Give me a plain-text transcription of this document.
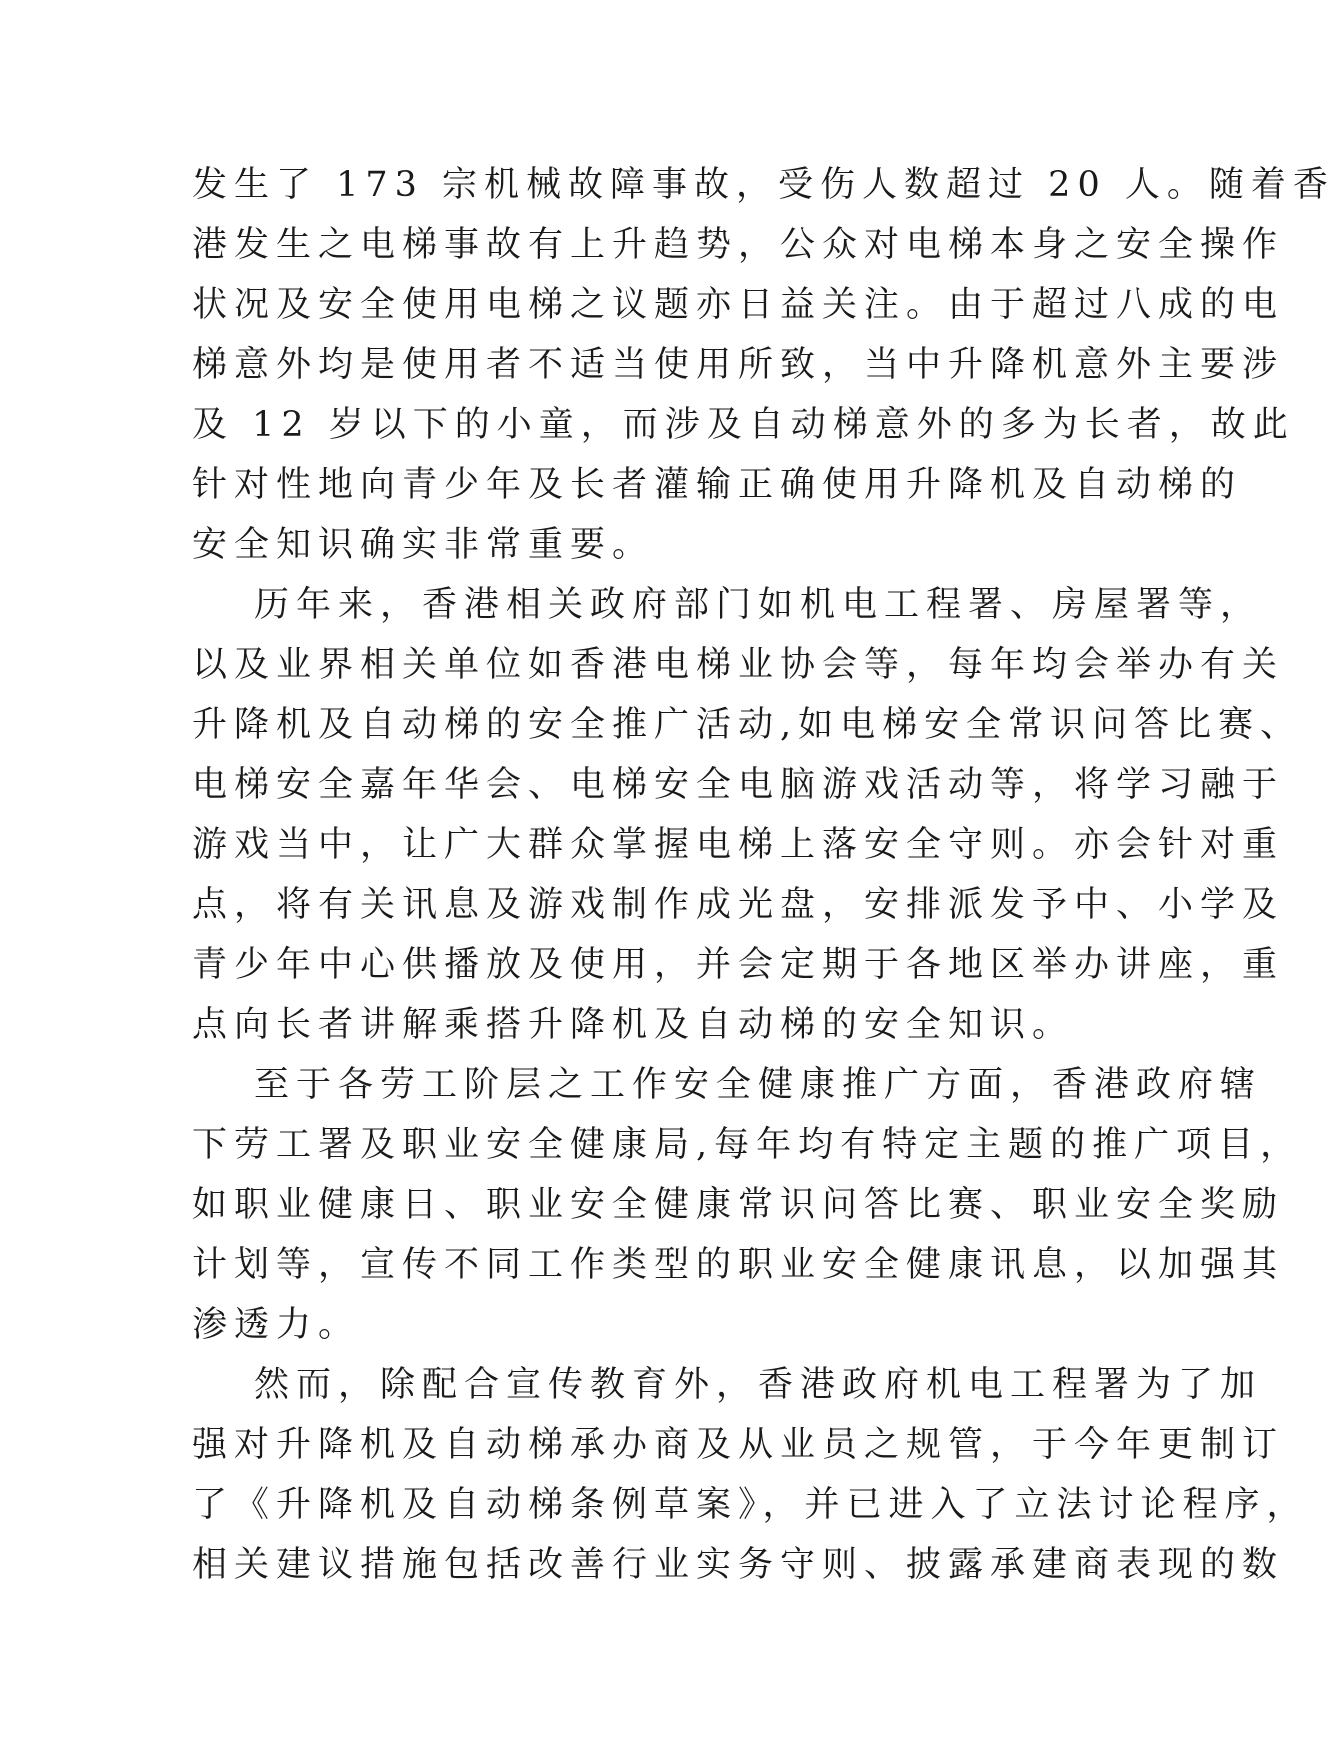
发生了 173 宗机械故障事故，受伤人数超过 20 人。随着香
港发生之电梯事故有上升趋势，公众对电梯本身之安全操作
状况及安全使用电梯之议题亦日益关注。由于超过八成的电
梯意外均是使用者不适当使用所致，当中升降机意外主要涉
及 12 岁以下的小童，而涉及自动梯意外的多为长者，故此
针对性地向青少年及长者灌输正确使用升降机及自动梯的
安全知识确实非常重要。
历年来，香港相关政府部门如机电工程署、房屋署等，
以及业界相关单位如香港电梯业协会等，每年均会举办有关
升降机及自动梯的安全推广活动,如电梯安全常识问答比赛、
电梯安全嘉年华会、电梯安全电脑游戏活动等，将学习融于
游戏当中，让广大群众掌握电梯上落安全守则。亦会针对重
点，将有关讯息及游戏制作成光盘，安排派发予中、小学及
青少年中心供播放及使用，并会定期于各地区举办讲座，重
点向长者讲解乘搭升降机及自动梯的安全知识。
至于各劳工阶层之工作安全健康推广方面，香港政府辖
下劳工署及职业安全健康局,每年均有特定主题的推广项目，
如职业健康日、职业安全健康常识问答比赛、职业安全奖励
计划等，宣传不同工作类型的职业安全健康讯息，以加强其
渗透力。
然而，除配合宣传教育外，香港政府机电工程署为了加
强对升降机及自动梯承办商及从业员之规管，于今年更制订
了《升降机及自动梯条例草案》，并已进入了立法讨论程序，
相关建议措施包括改善行业实务守则、披露承建商表现的数
